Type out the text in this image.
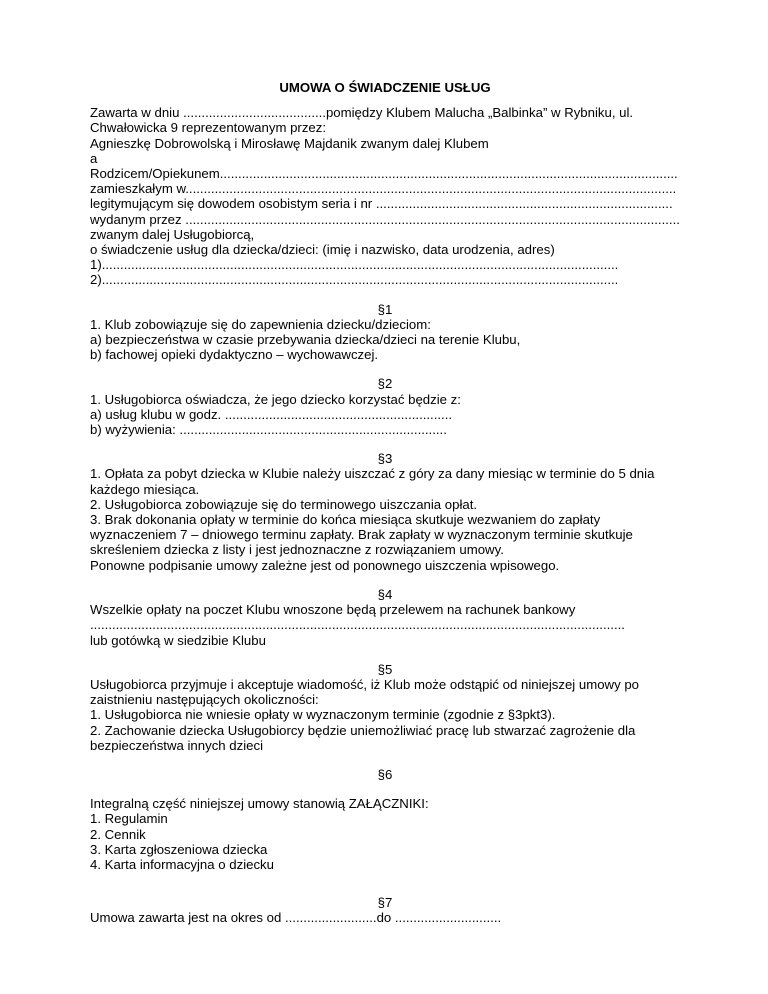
UMOWA O ŚWIADCZENIE USŁUG
Zawarta w dniu .......................................pomiędzy Klubem Malucha „Balbinka” w Rybniku, ul.
Chwałowicka 9 reprezentowanym przez:
Agnieszkę Dobrowolską i Mirosławę Majdanik zwanym dalej Klubem
a
Rodzicem/Opiekunem.............................................................................................................................
zamieszkałym w......................................................................................................................................
legitymującym się dowodem osobistym seria i nr .................................................................................
wydanym przez .......................................................................................................................................
zwanym dalej Usługobiorcą,
o świadczenie usług dla dziecka/dzieci: (imię i nazwisko, data urodzenia, adres)
1).............................................................................................................................................
2).............................................................................................................................................
§1
1. Klub zobowiązuje się do zapewnienia dziecku/dzieciom:
a) bezpieczeństwa w czasie przebywania dziecka/dzieci na terenie Klubu,
b) fachowej opieki dydaktyczno – wychowawczej.
§2
1. Usługobiorca oświadcza, że jego dziecko korzystać będzie z:
a) usług klubu w godz. ..............................................................
b) wyżywienia: .........................................................................
§3
1. Opłata za pobyt dziecka w Klubie należy uiszczać z góry za dany miesiąc w terminie do 5 dnia
każdego miesiąca.
2. Usługobiorca zobowiązuje się do terminowego uiszczania opłat.
3. Brak dokonania opłaty w terminie do końca miesiąca skutkuje wezwaniem do zapłaty
wyznaczeniem 7 – dniowego terminu zapłaty. Brak zapłaty w wyznaczonym terminie skutkuje
skreśleniem dziecka z listy i jest jednoznaczne z rozwiązaniem umowy.
Ponowne podpisanie umowy zależne jest od ponownego uiszczenia wpisowego.
§4
Wszelkie opłaty na poczet Klubu wnoszone będą przelewem na rachunek bankowy
..................................................................................................................................................
lub gotówką w siedzibie Klubu
§5
Usługobiorca przyjmuje i akceptuje wiadomość, iż Klub może odstąpić od niniejszej umowy po
zaistnieniu następujących okoliczności:
1. Usługobiorca nie wniesie opłaty w wyznaczonym terminie (zgodnie z §3pkt3).
2. Zachowanie dziecka Usługobiorcy będzie uniemożliwiać pracę lub stwarzać zagrożenie dla
bezpieczeństwa innych dzieci
§6
Integralną część niniejszej umowy stanowią ZAŁĄCZNIKI:
1. Regulamin
2. Cennik
3. Karta zgłoszeniowa dziecka
4. Karta informacyjna o dziecku
§7
Umowa zawarta jest na okres od .........................do .............................
